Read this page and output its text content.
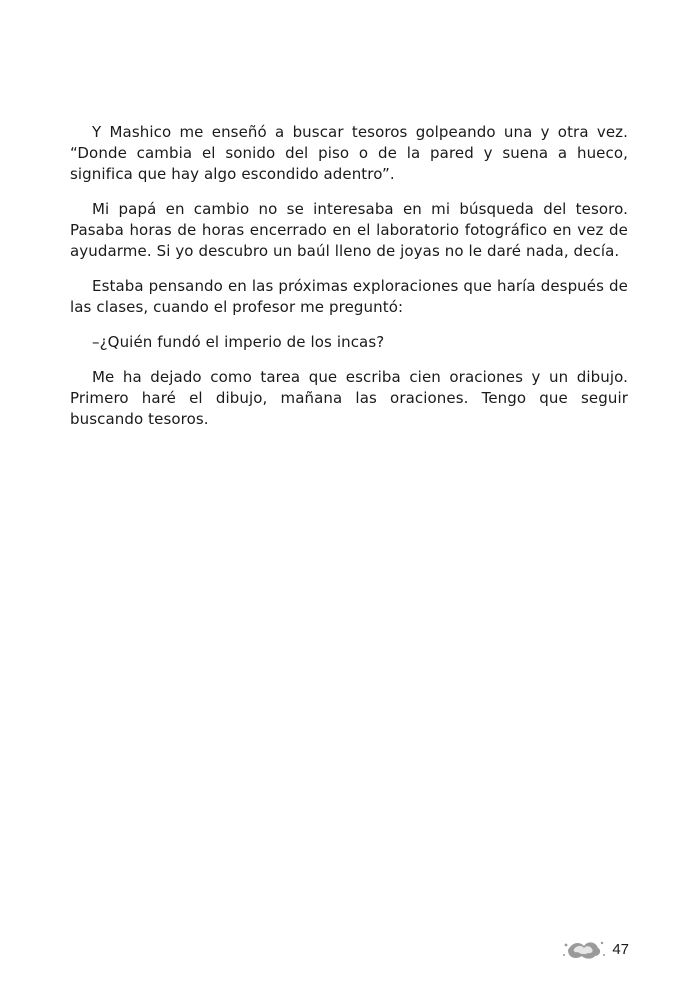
Y Mashico me enseñó a buscar tesoros golpeando una y otra vez. “Donde cambia el sonido del piso o de la pared y suena a hueco, significa que hay algo escondido adentro”.

Mi papá en cambio no se interesaba en mi búsqueda del tesoro. Pasaba horas de horas encerrado en el laboratorio fotográfico en vez de ayudarme. Si yo descubro un baúl lleno de joyas no le daré nada, decía.

Estaba pensando en las próximas exploraciones que haría después de las clases, cuando el profesor me preguntó:

–¿Quién fundó el imperio de los incas?

Me ha dejado como tarea que escriba cien oraciones y un dibujo. Primero haré el dibujo, mañana las oraciones. Tengo que seguir buscando tesoros.

47
